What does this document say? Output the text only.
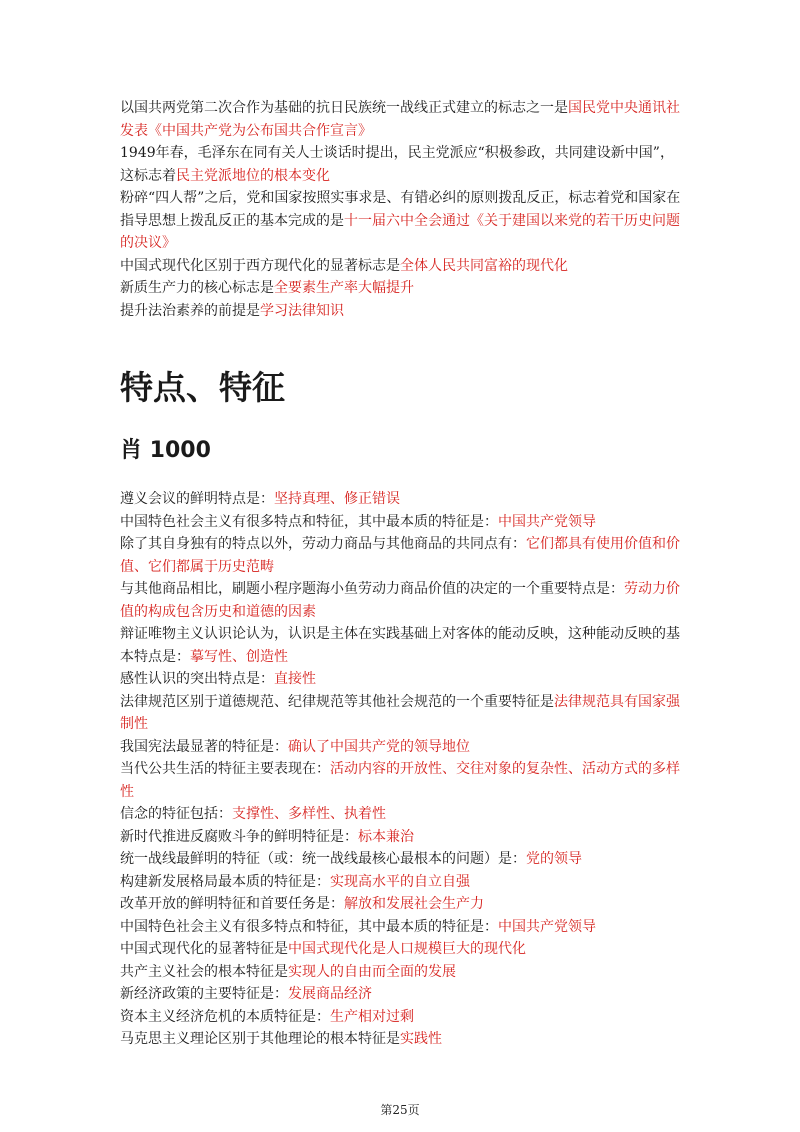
以国共两党第二次合作为基础的抗日民族统一战线正式建立的标志之一是国民党中央通讯社发表《中国共产党为公布国共合作宣言》

1949年春，毛泽东在同有关人士谈话时提出，民主党派应“积极参政，共同建设新中国”，这标志着民主党派地位的根本变化

粉碎“四人帮”之后，党和国家按照实事求是、有错必纠的原则拨乱反正，标志着党和国家在指导思想上拨乱反正的基本完成的是十一届六中全会通过《关于建国以来党的若干历史问题的决议》

中国式现代化区别于西方现代化的显著标志是全体人民共同富裕的现代化

新质生产力的核心标志是全要素生产率大幅提升

提升法治素养的前提是学习法律知识

特点、特征
肖 1000

遵义会议的鲜明特点是：坚持真理、修正错误

中国特色社会主义有很多特点和特征，其中最本质的特征是：中国共产党领导

除了其自身独有的特点以外，劳动力商品与其他商品的共同点有：它们都具有使用价值和价值、它们都属于历史范畴

与其他商品相比，刷题小程序题海小鱼劳动力商品价值的决定的一个重要特点是：劳动力价值的构成包含历史和道德的因素

辩证唯物主义认识论认为，认识是主体在实践基础上对客体的能动反映，这种能动反映的基本特点是：摹写性、创造性

感性认识的突出特点是：直接性

法律规范区别于道德规范、纪律规范等其他社会规范的一个重要特征是法律规范具有国家强制性

我国宪法最显著的特征是：确认了中国共产党的领导地位

当代公共生活的特征主要表现在：活动内容的开放性、交往对象的复杂性、活动方式的多样性

信念的特征包括：支撑性、多样性、执着性

新时代推进反腐败斗争的鲜明特征是：标本兼治

统一战线最鲜明的特征（或：统一战线最核心最根本的问题）是：党的领导

构建新发展格局最本质的特征是：实现高水平的自立自强

改革开放的鲜明特征和首要任务是：解放和发展社会生产力

中国特色社会主义有很多特点和特征，其中最本质的特征是：中国共产党领导

中国式现代化的显著特征是中国式现代化是人口规模巨大的现代化

共产主义社会的根本特征是实现人的自由而全面的发展

新经济政策的主要特征是：发展商品经济

资本主义经济危机的本质特征是：生产相对过剩

马克思主义理论区别于其他理论的根本特征是实践性

第25页
